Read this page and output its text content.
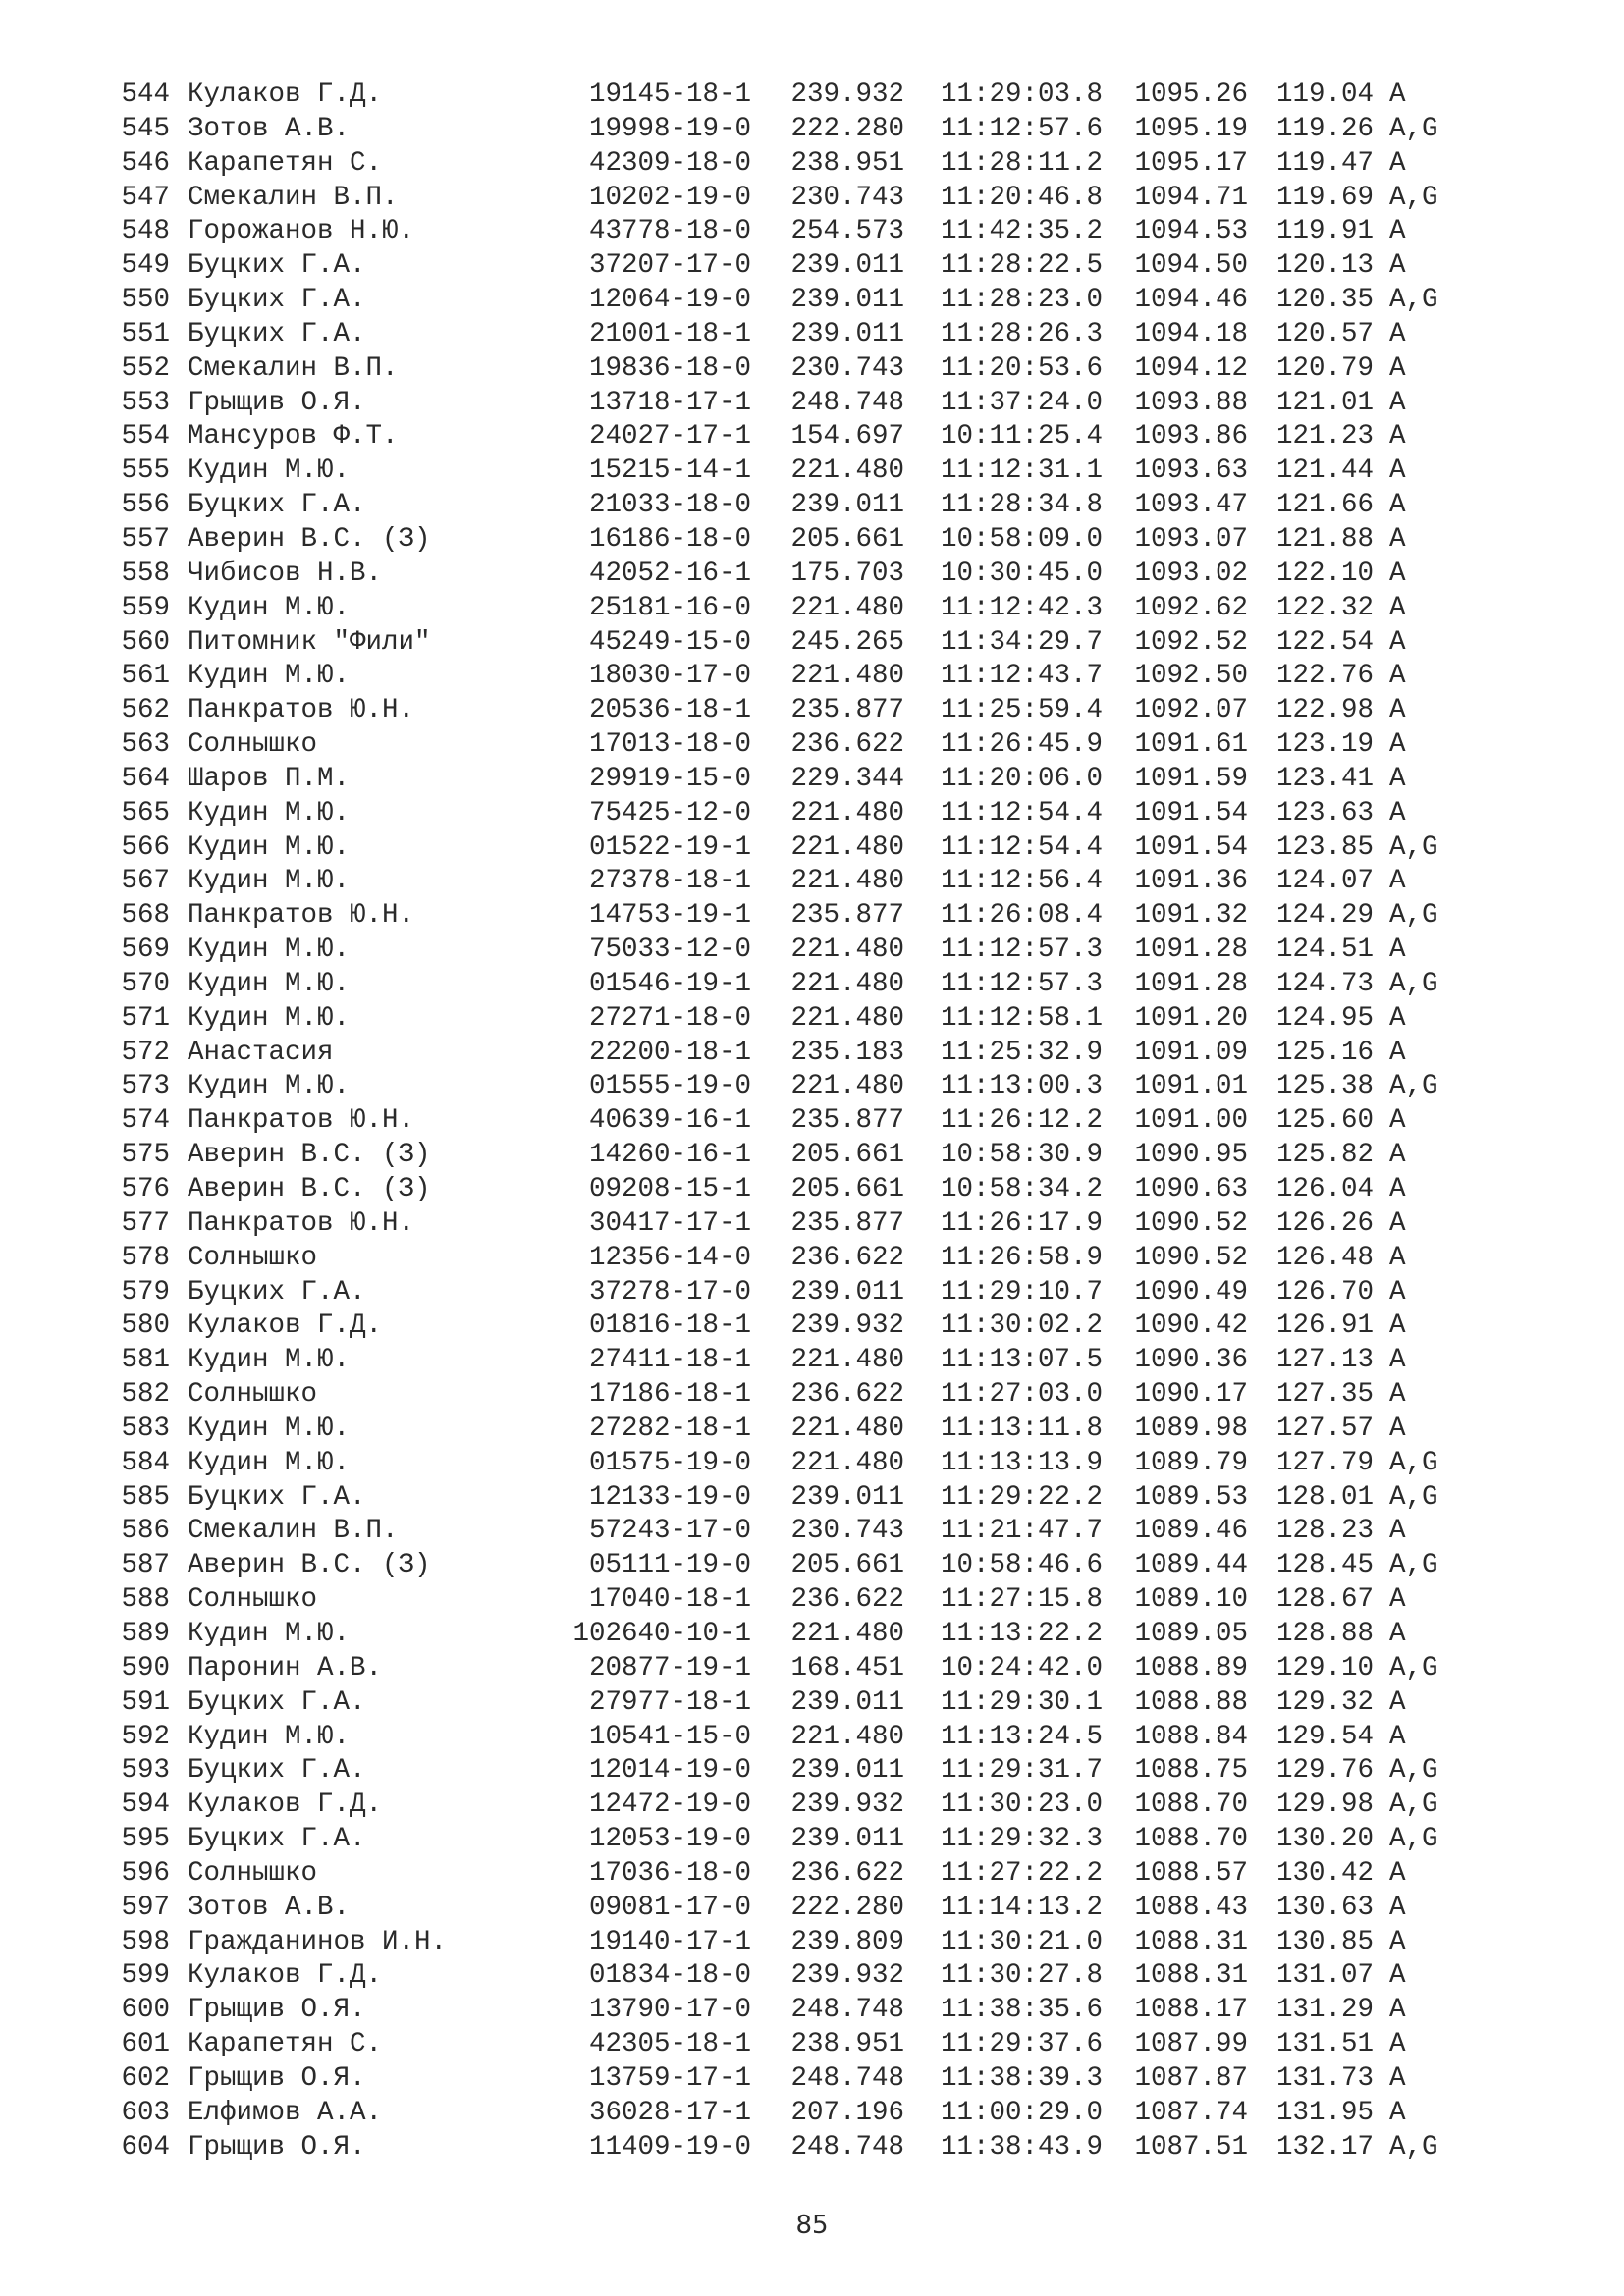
544 Кулаков Г.Д.	19145-18-1	239.932	11:29:03.8	1095.26	119.04 A
545 Зотов А.В.	19998-19-0	222.280	11:12:57.6	1095.19	119.26 A,G
546 Карапетян С.	42309-18-0	238.951	11:28:11.2	1095.17	119.47 A
547 Смекалин В.П.	10202-19-0	230.743	11:20:46.8	1094.71	119.69 A,G
548 Горожанов Н.Ю.	43778-18-0	254.573	11:42:35.2	1094.53	119.91 A
549 Буцких Г.А.	37207-17-0	239.011	11:28:22.5	1094.50	120.13 A
550 Буцких Г.А.	12064-19-0	239.011	11:28:23.0	1094.46	120.35 A,G
551 Буцких Г.А.	21001-18-1	239.011	11:28:26.3	1094.18	120.57 A
552 Смекалин В.П.	19836-18-0	230.743	11:20:53.6	1094.12	120.79 A
553 Грыщив О.Я.	13718-17-1	248.748	11:37:24.0	1093.88	121.01 A
554 Мансуров Ф.Т.	24027-17-1	154.697	10:11:25.4	1093.86	121.23 A
555 Кудин М.Ю.	15215-14-1	221.480	11:12:31.1	1093.63	121.44 A
556 Буцких Г.А.	21033-18-0	239.011	11:28:34.8	1093.47	121.66 A
557 Аверин В.С. (З)	16186-18-0	205.661	10:58:09.0	1093.07	121.88 A
558 Чибисов Н.В.	42052-16-1	175.703	10:30:45.0	1093.02	122.10 A
559 Кудин М.Ю.	25181-16-0	221.480	11:12:42.3	1092.62	122.32 A
560 Питомник "Фили"	45249-15-0	245.265	11:34:29.7	1092.52	122.54 A
561 Кудин М.Ю.	18030-17-0	221.480	11:12:43.7	1092.50	122.76 A
562 Панкратов Ю.Н.	20536-18-1	235.877	11:25:59.4	1092.07	122.98 A
563 Солнышко	17013-18-0	236.622	11:26:45.9	1091.61	123.19 A
564 Шаров П.М.	29919-15-0	229.344	11:20:06.0	1091.59	123.41 A
565 Кудин М.Ю.	75425-12-0	221.480	11:12:54.4	1091.54	123.63 A
566 Кудин М.Ю.	01522-19-1	221.480	11:12:54.4	1091.54	123.85 A,G
567 Кудин М.Ю.	27378-18-1	221.480	11:12:56.4	1091.36	124.07 A
568 Панкратов Ю.Н.	14753-19-1	235.877	11:26:08.4	1091.32	124.29 A,G
569 Кудин М.Ю.	75033-12-0	221.480	11:12:57.3	1091.28	124.51 A
570 Кудин М.Ю.	01546-19-1	221.480	11:12:57.3	1091.28	124.73 A,G
571 Кудин М.Ю.	27271-18-0	221.480	11:12:58.1	1091.20	124.95 A
572 Анастасия	22200-18-1	235.183	11:25:32.9	1091.09	125.16 A
573 Кудин М.Ю.	01555-19-0	221.480	11:13:00.3	1091.01	125.38 A,G
574 Панкратов Ю.Н.	40639-16-1	235.877	11:26:12.2	1091.00	125.60 A
575 Аверин В.С. (З)	14260-16-1	205.661	10:58:30.9	1090.95	125.82 A
576 Аверин В.С. (З)	09208-15-1	205.661	10:58:34.2	1090.63	126.04 A
577 Панкратов Ю.Н.	30417-17-1	235.877	11:26:17.9	1090.52	126.26 A
578 Солнышко	12356-14-0	236.622	11:26:58.9	1090.52	126.48 A
579 Буцких Г.А.	37278-17-0	239.011	11:29:10.7	1090.49	126.70 A
580 Кулаков Г.Д.	01816-18-1	239.932	11:30:02.2	1090.42	126.91 A
581 Кудин М.Ю.	27411-18-1	221.480	11:13:07.5	1090.36	127.13 A
582 Солнышко	17186-18-1	236.622	11:27:03.0	1090.17	127.35 A
583 Кудин М.Ю.	27282-18-1	221.480	11:13:11.8	1089.98	127.57 A
584 Кудин М.Ю.	01575-19-0	221.480	11:13:13.9	1089.79	127.79 A,G
585 Буцких Г.А.	12133-19-0	239.011	11:29:22.2	1089.53	128.01 A,G
586 Смекалин В.П.	57243-17-0	230.743	11:21:47.7	1089.46	128.23 A
587 Аверин В.С. (З)	05111-19-0	205.661	10:58:46.6	1089.44	128.45 A,G
588 Солнышко	17040-18-1	236.622	11:27:15.8	1089.10	128.67 A
589 Кудин М.Ю.	102640-10-1	221.480	11:13:22.2	1089.05	128.88 A
590 Паронин А.В.	20877-19-1	168.451	10:24:42.0	1088.89	129.10 A,G
591 Буцких Г.А.	27977-18-1	239.011	11:29:30.1	1088.88	129.32 A
592 Кудин М.Ю.	10541-15-0	221.480	11:13:24.5	1088.84	129.54 A
593 Буцких Г.А.	12014-19-0	239.011	11:29:31.7	1088.75	129.76 A,G
594 Кулаков Г.Д.	12472-19-0	239.932	11:30:23.0	1088.70	129.98 A,G
595 Буцких Г.А.	12053-19-0	239.011	11:29:32.3	1088.70	130.20 A,G
596 Солнышко	17036-18-0	236.622	11:27:22.2	1088.57	130.42 A
597 Зотов А.В.	09081-17-0	222.280	11:14:13.2	1088.43	130.63 A
598 Гражданинов И.Н.	19140-17-1	239.809	11:30:21.0	1088.31	130.85 A
599 Кулаков Г.Д.	01834-18-0	239.932	11:30:27.8	1088.31	131.07 A
600 Грыщив О.Я.	13790-17-0	248.748	11:38:35.6	1088.17	131.29 A
601 Карапетян С.	42305-18-1	238.951	11:29:37.6	1087.99	131.51 A
602 Грыщив О.Я.	13759-17-1	248.748	11:38:39.3	1087.87	131.73 A
603 Елфимов А.А.	36028-17-1	207.196	11:00:29.0	1087.74	131.95 A
604 Грыщив О.Я.	11409-19-0	248.748	11:38:43.9	1087.51	132.17 A,G
85
